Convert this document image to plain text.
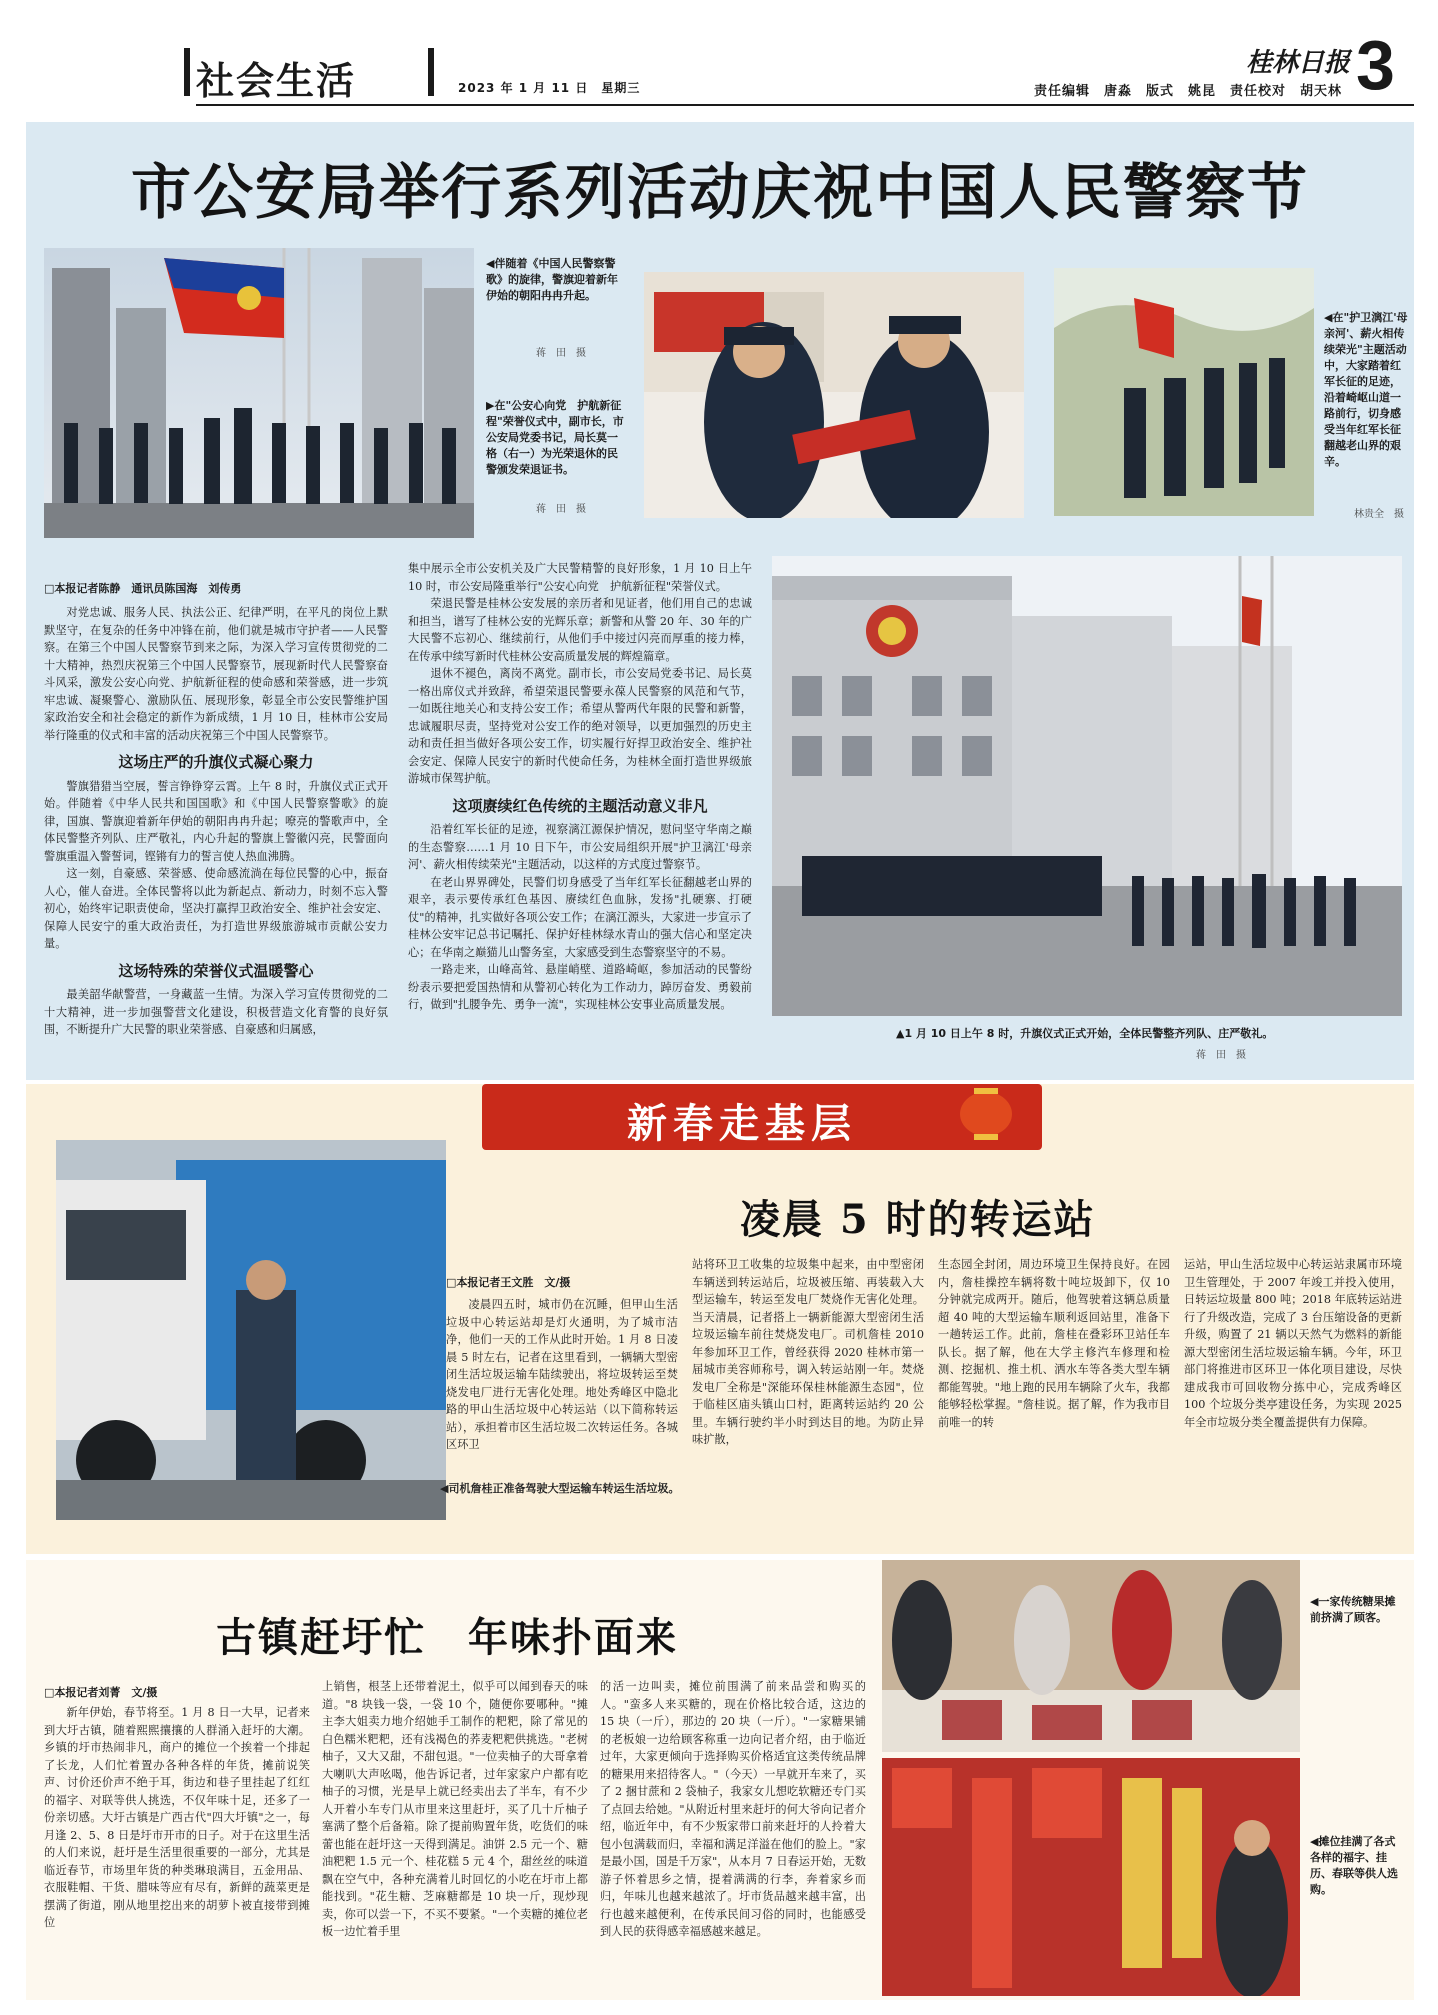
社会生活	2023 年 1 月 11 日　星期三	责任编辑　唐淼　版式　姚昆　责任校对　胡天林
桂林日报 3
市公安局举行系列活动庆祝中国人民警察节
◀伴随着《中国人民警察警歌》的旋律，警旗迎着新年伊始的朝阳冉冉升起。
蒋　田　摄
▶在"公安心向党　护航新征程"荣誉仪式中，副市长，市公安局党委书记，局长莫一格（右一）为光荣退休的民警颁发荣退证书。
蒋　田　摄
◀在"护卫漓江'母亲河'、薪火相传续荣光"主题活动中，大家踏着红军长征的足迹，沿着崎岖山道一路前行，切身感受当年红军长征翻越老山界的艰辛。
林贵全　摄
□本报记者陈静　通讯员陈国海　刘传勇

对党忠诚、服务人民、执法公正、纪律严明，在平凡的岗位上默默坚守，在复杂的任务中冲锋在前，他们就是城市守护者——人民警察。在第三个中国人民警察节到来之际，为深入学习宣传贯彻党的二十大精神，热烈庆祝第三个中国人民警察节，展现新时代人民警察奋斗风采，激发公安心向党、护航新征程的使命感和荣誉感，进一步筑牢忠诚、凝聚警心、激励队伍、展现形象，彰显全市公安民警维护国家政治安全和社会稳定的新作为新成绩，1 月 10 日，桂林市公安局举行隆重的仪式和丰富的活动庆祝第三个中国人民警察节。

这场庄严的升旗仪式凝心聚力

警旗猎猎当空展，誓言铮铮穿云霄。上午 8 时，升旗仪式正式开始。伴随着《中华人民共和国国歌》和《中国人民警察警歌》的旋律，国旗、警旗迎着新年伊始的朝阳冉冉升起；嘹亮的警歌声中，全体民警整齐列队、庄严敬礼，内心升起的警旗上警徽闪亮，民警面向警旗重温入警誓词，铿锵有力的誓言使人热血沸腾。

这一刻，自豪感、荣誉感、使命感流淌在每位民警的心中，振奋人心，催人奋进。全体民警将以此为新起点、新动力，时刻不忘入警初心，始终牢记职责使命，坚决打赢捍卫政治安全、维护社会安定、保障人民安宁的重大政治责任，为打造世界级旅游城市贡献公安力量。

这场特殊的荣誉仪式温暖警心

最美韶华献警营，一身藏蓝一生情。为深入学习宣传贯彻党的二十大精神，进一步加强警营文化建设，积极营造文化育警的良好氛围，不断提升广大民警的职业荣誉感、自豪感和归属感，

集中展示全市公安机关及广大民警精警的良好形象，1 月 10 日上午 10 时，市公安局隆重举行"公安心向党　护航新征程"荣誉仪式。

荣退民警是桂林公安发展的亲历者和见证者，他们用自己的忠诚和担当，谱写了桂林公安的光辉乐章；新警和从警 20 年、30 年的广大民警不忘初心、继续前行，从他们手中接过闪亮而厚重的接力棒，在传承中续写新时代桂林公安高质量发展的辉煌篇章。

退休不褪色，离岗不离党。副市长，市公安局党委书记、局长莫一格出席仪式并致辞，希望荣退民警要永葆人民警察的风范和气节，一如既往地关心和支持公安工作；希望从警两代年限的民警和新警，忠诚履职尽责，坚持党对公安工作的绝对领导，以更加强烈的历史主动和责任担当做好各项公安工作，切实履行好捍卫政治安全、维护社会安定、保障人民安宁的新时代使命任务，为桂林全面打造世界级旅游城市保驾护航。

这项赓续红色传统的主题活动意义非凡

沿着红军长征的足迹，视察漓江源保护情况，慰问坚守华南之巅的生态警察……1 月 10 日下午，市公安局组织开展"护卫漓江'母亲河'、薪火相传续荣光"主题活动，以这样的方式度过警察节。

在老山界界碑处，民警们切身感受了当年红军长征翻越老山界的艰辛，表示要传承红色基因、赓续红色血脉，发扬"扎硬寨、打硬仗"的精神，扎实做好各项公安工作；在漓江源头，大家进一步宣示了桂林公安牢记总书记嘱托、保护好桂林绿水青山的强大信心和坚定决心；在华南之巅猫儿山警务室，大家感受到生态警察坚守的不易。

一路走来，山峰高耸、悬崖峭壁、道路崎岖，参加活动的民警纷纷表示要把爱国热情和从警初心转化为工作动力，踔厉奋发、勇毅前行，做到"扎腰争先、勇争一流"，实现桂林公安事业高质量发展。

▲1 月 10 日上午 8 时，升旗仪式正式开始，全体民警整齐列队、庄严敬礼。
蒋　田　摄
新春走基层
凌晨 5 时的转运站
◀司机詹桂正准备驾驶大型运输车转运生活垃圾。
□本报记者王文胜　文/摄

凌晨四五时，城市仍在沉睡，但甲山生活垃圾中心转运站却是灯火通明，为了城市洁净，他们一天的工作从此时开始。1 月 8 日凌晨 5 时左右，记者在这里看到，一辆辆大型密闭生活垃圾运输车陆续驶出，将垃圾转运至焚烧发电厂进行无害化处理。地处秀峰区中隐北路的甲山生活垃圾中心转运站（以下简称转运站），承担着市区生活垃圾二次转运任务。各城区环卫

站将环卫工收集的垃圾集中起来，由中型密闭车辆送到转运站后，垃圾被压缩、再装载入大型运输车，转运至发电厂焚烧作无害化处理。当天清晨，记者搭上一辆新能源大型密闭生活垃圾运输车前往焚烧发电厂。司机詹桂 2010 年参加环卫工作，曾经获得 2020 桂林市第一届城市美容师称号，调入转运站刚一年。焚烧发电厂全称是"深能环保桂林能源生态园"，位于临桂区庙头镇山口村，距离转运站约 20 公里。车辆行驶约半小时到达目的地。为防止异味扩散，

生态园全封闭，周边环境卫生保持良好。在园内，詹桂操控车辆将数十吨垃圾卸下，仅 10 分钟就完成两开。随后，他驾驶着这辆总质量超 40 吨的大型运输车顺利返回站里，准备下一趟转运工作。此前，詹桂在叠彩环卫站任车队长。据了解，他在大学主修汽车修理和检测、挖掘机、推土机、洒水车等各类大型车辆都能驾驶。"地上跑的民用车辆除了火车，我都能够轻松掌握。"詹桂说。据了解，作为我市目前唯一的转

运站，甲山生活垃圾中心转运站隶属市环境卫生管理处，于 2007 年竣工并投入使用，日转运垃圾量 800 吨；2018 年底转运站进行了升级改造，完成了 3 台压缩设备的更新升级，购置了 21 辆以天然气为燃料的新能源大型密闭生活垃圾运输车辆。今年，环卫部门将推进市区环卫一体化项目建设，尽快建成我市可回收物分拣中心，完成秀峰区 100 个垃圾分类亭建设任务，为实现 2025 年全市垃圾分类全覆盖提供有力保障。

古镇赶圩忙　年味扑面来
□本报记者刘菁　文/摄

新年伊始，春节将至。1 月 8 日一大早，记者来到大圩古镇，随着熙熙攘攘的人群涌入赶圩的大潮。乡镇的圩市热闹非凡，商户的摊位一个挨着一个排起了长龙，人们忙着置办各种各样的年货，摊前说笑声、讨价还价声不绝于耳，街边和巷子里挂起了红红的福字、对联等供人挑选，不仅年味十足，还多了一份亲切感。大圩古镇是广西古代"四大圩镇"之一，每月逢 2、5、8 日是圩市开市的日子。对于在这里生活的人们来说，赶圩是生活里很重要的一部分，尤其是临近春节，市场里年货的种类琳琅满目，五金用品、衣服鞋帽、干货、腊味等应有尽有，新鲜的蔬菜更是摆满了街道，刚从地里挖出来的胡萝卜被直接带到摊位

上销售，根茎上还带着泥土，似乎可以闻到春天的味道。"8 块钱一袋，一袋 10 个，随便你要哪种。"摊主李大姐卖力地介绍她手工制作的粑粑，除了常见的白色糯米粑粑，还有浅褐色的荞麦粑粑供挑选。"老树柚子，又大又甜，不甜包退。"一位卖柚子的大哥拿着大喇叭大声吆喝，他告诉记者，过年家家户户都有吃柚子的习惯，光是早上就已经卖出去了半车，有不少人开着小车专门从市里来这里赶圩，买了几十斤柚子塞满了整个后备箱。除了提前购置年货，吃货们的味蕾也能在赶圩这一天得到满足。油饼 2.5 元一个、糖油粑粑 1.5 元一个、桂花糕 5 元 4 个，甜丝丝的味道飘在空气中，各种充满着儿时回忆的小吃在圩市上都能找到。"花生糖、芝麻糖都是 10 块一斤，现炒现卖，你可以尝一下，不买不要紧。"一个卖糖的摊位老板一边忙着手里

的活一边叫卖，摊位前围满了前来品尝和购买的人。"蛮多人来买糖的，现在价格比较合适，这边的 15 块（一斤），那边的 20 块（一斤）。"一家糖果铺的老板娘一边给顾客称重一边向记者介绍，由于临近过年，大家更倾向于选择购买价格适宜这类传统品牌的糖果用来招待客人。"（今天）一早就开车来了，买了 2 捆甘蔗和 2 袋柚子，我家女儿想吃软糖还专门买了点回去给她。"从附近村里来赶圩的何大爷向记者介绍，临近年中，有不少叛家带口前来赶圩的人拎着大包小包满载而归，幸福和满足洋溢在他们的脸上。"家是最小国，国是千万家"，从本月 7 日春运开始，无数游子怀着思乡之情，提着满满的行李，奔着家乡而归，年味儿也越来越浓了。圩市货品越来越丰富，出行也越来越便利，在传承民间习俗的同时，也能感受到人民的获得感幸福感越来越足。

◀一家传统糖果摊前挤满了顾客。
◀摊位挂满了各式各样的福字、挂历、春联等供人选购。
